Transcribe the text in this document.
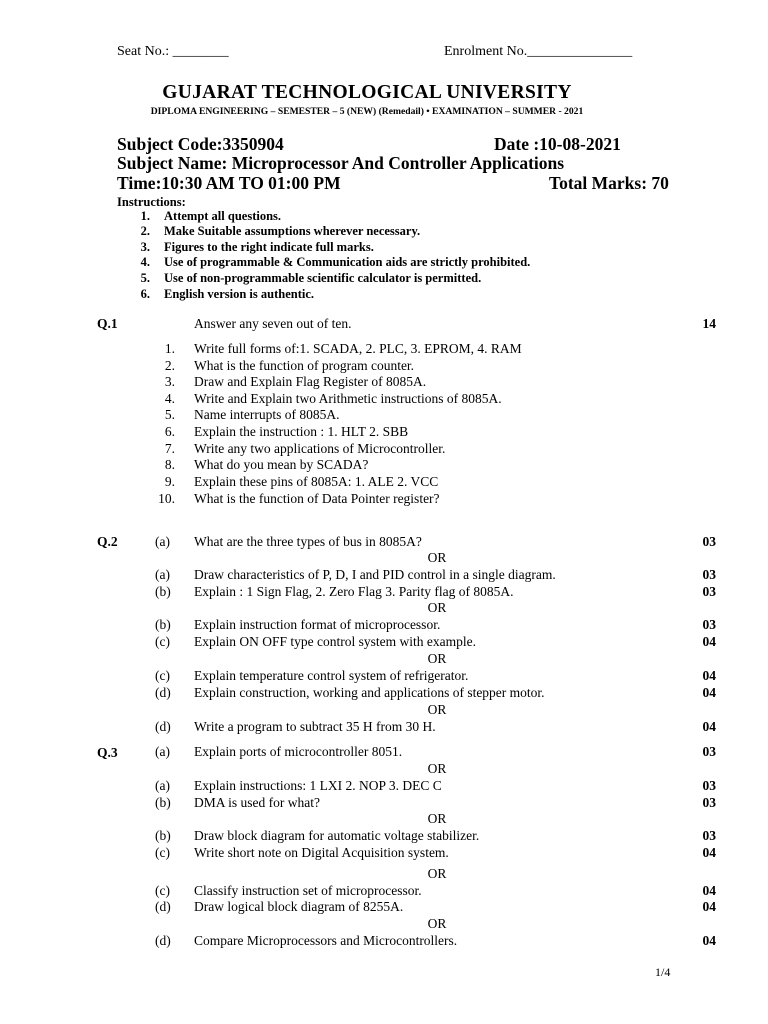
Seat No.: ________	Enrolment No._______________
GUJARAT TECHNOLOGICAL UNIVERSITY
DIPLOMA ENGINEERING – SEMESTER – 5 (NEW) (Remedail) • EXAMINATION – SUMMER - 2021
Subject Code:3350904	Date :10-08-2021
Subject Name: Microprocessor And Controller Applications
Time:10:30 AM TO 01:00 PM	Total Marks: 70
Instructions:
1. Attempt all questions.
2. Make Suitable assumptions wherever necessary.
3. Figures to the right indicate full marks.
4. Use of programmable & Communication aids are strictly prohibited.
5. Use of non-programmable scientific calculator is permitted.
6. English version is authentic.
Q.1	Answer any seven out of ten.	14
1. Write full forms of:1. SCADA, 2. PLC, 3. EPROM, 4. RAM
2. What is the function of program counter.
3. Draw and Explain Flag Register of 8085A.
4. Write and Explain two Arithmetic instructions of 8085A.
5. Name interrupts of 8085A.
6. Explain the instruction : 1. HLT 2. SBB
7. Write any two applications of Microcontroller.
8. What do you mean by SCADA?
9. Explain these pins of 8085A: 1. ALE 2. VCC
10. What is the function of Data Pointer register?
Q.2	(a) What are the three types of bus in 8085A?	03
OR
(a) Draw characteristics of P, D, I and PID control in a single diagram.	03
(b) Explain : 1 Sign Flag, 2. Zero Flag 3. Parity flag of 8085A.	03
OR
(b) Explain instruction format of microprocessor.	03
(c) Explain ON OFF type control system with example.	04
OR
(c) Explain temperature control system of refrigerator.	04
(d) Explain construction, working and applications of stepper motor.	04
OR
(d) Write a program to subtract 35 H from 30 H.	04
Q.3	(a) Explain ports of microcontroller 8051.	03
OR
(a) Explain instructions: 1 LXI 2. NOP 3. DEC C	03
(b) DMA is used for what?	03
OR
(b) Draw block diagram for automatic voltage stabilizer.	03
(c) Write short note on Digital Acquisition system.	04
OR
(c) Classify instruction set of microprocessor.	04
(d) Draw logical block diagram of 8255A.	04
OR
(d) Compare Microprocessors and Microcontrollers.	04
1/4
